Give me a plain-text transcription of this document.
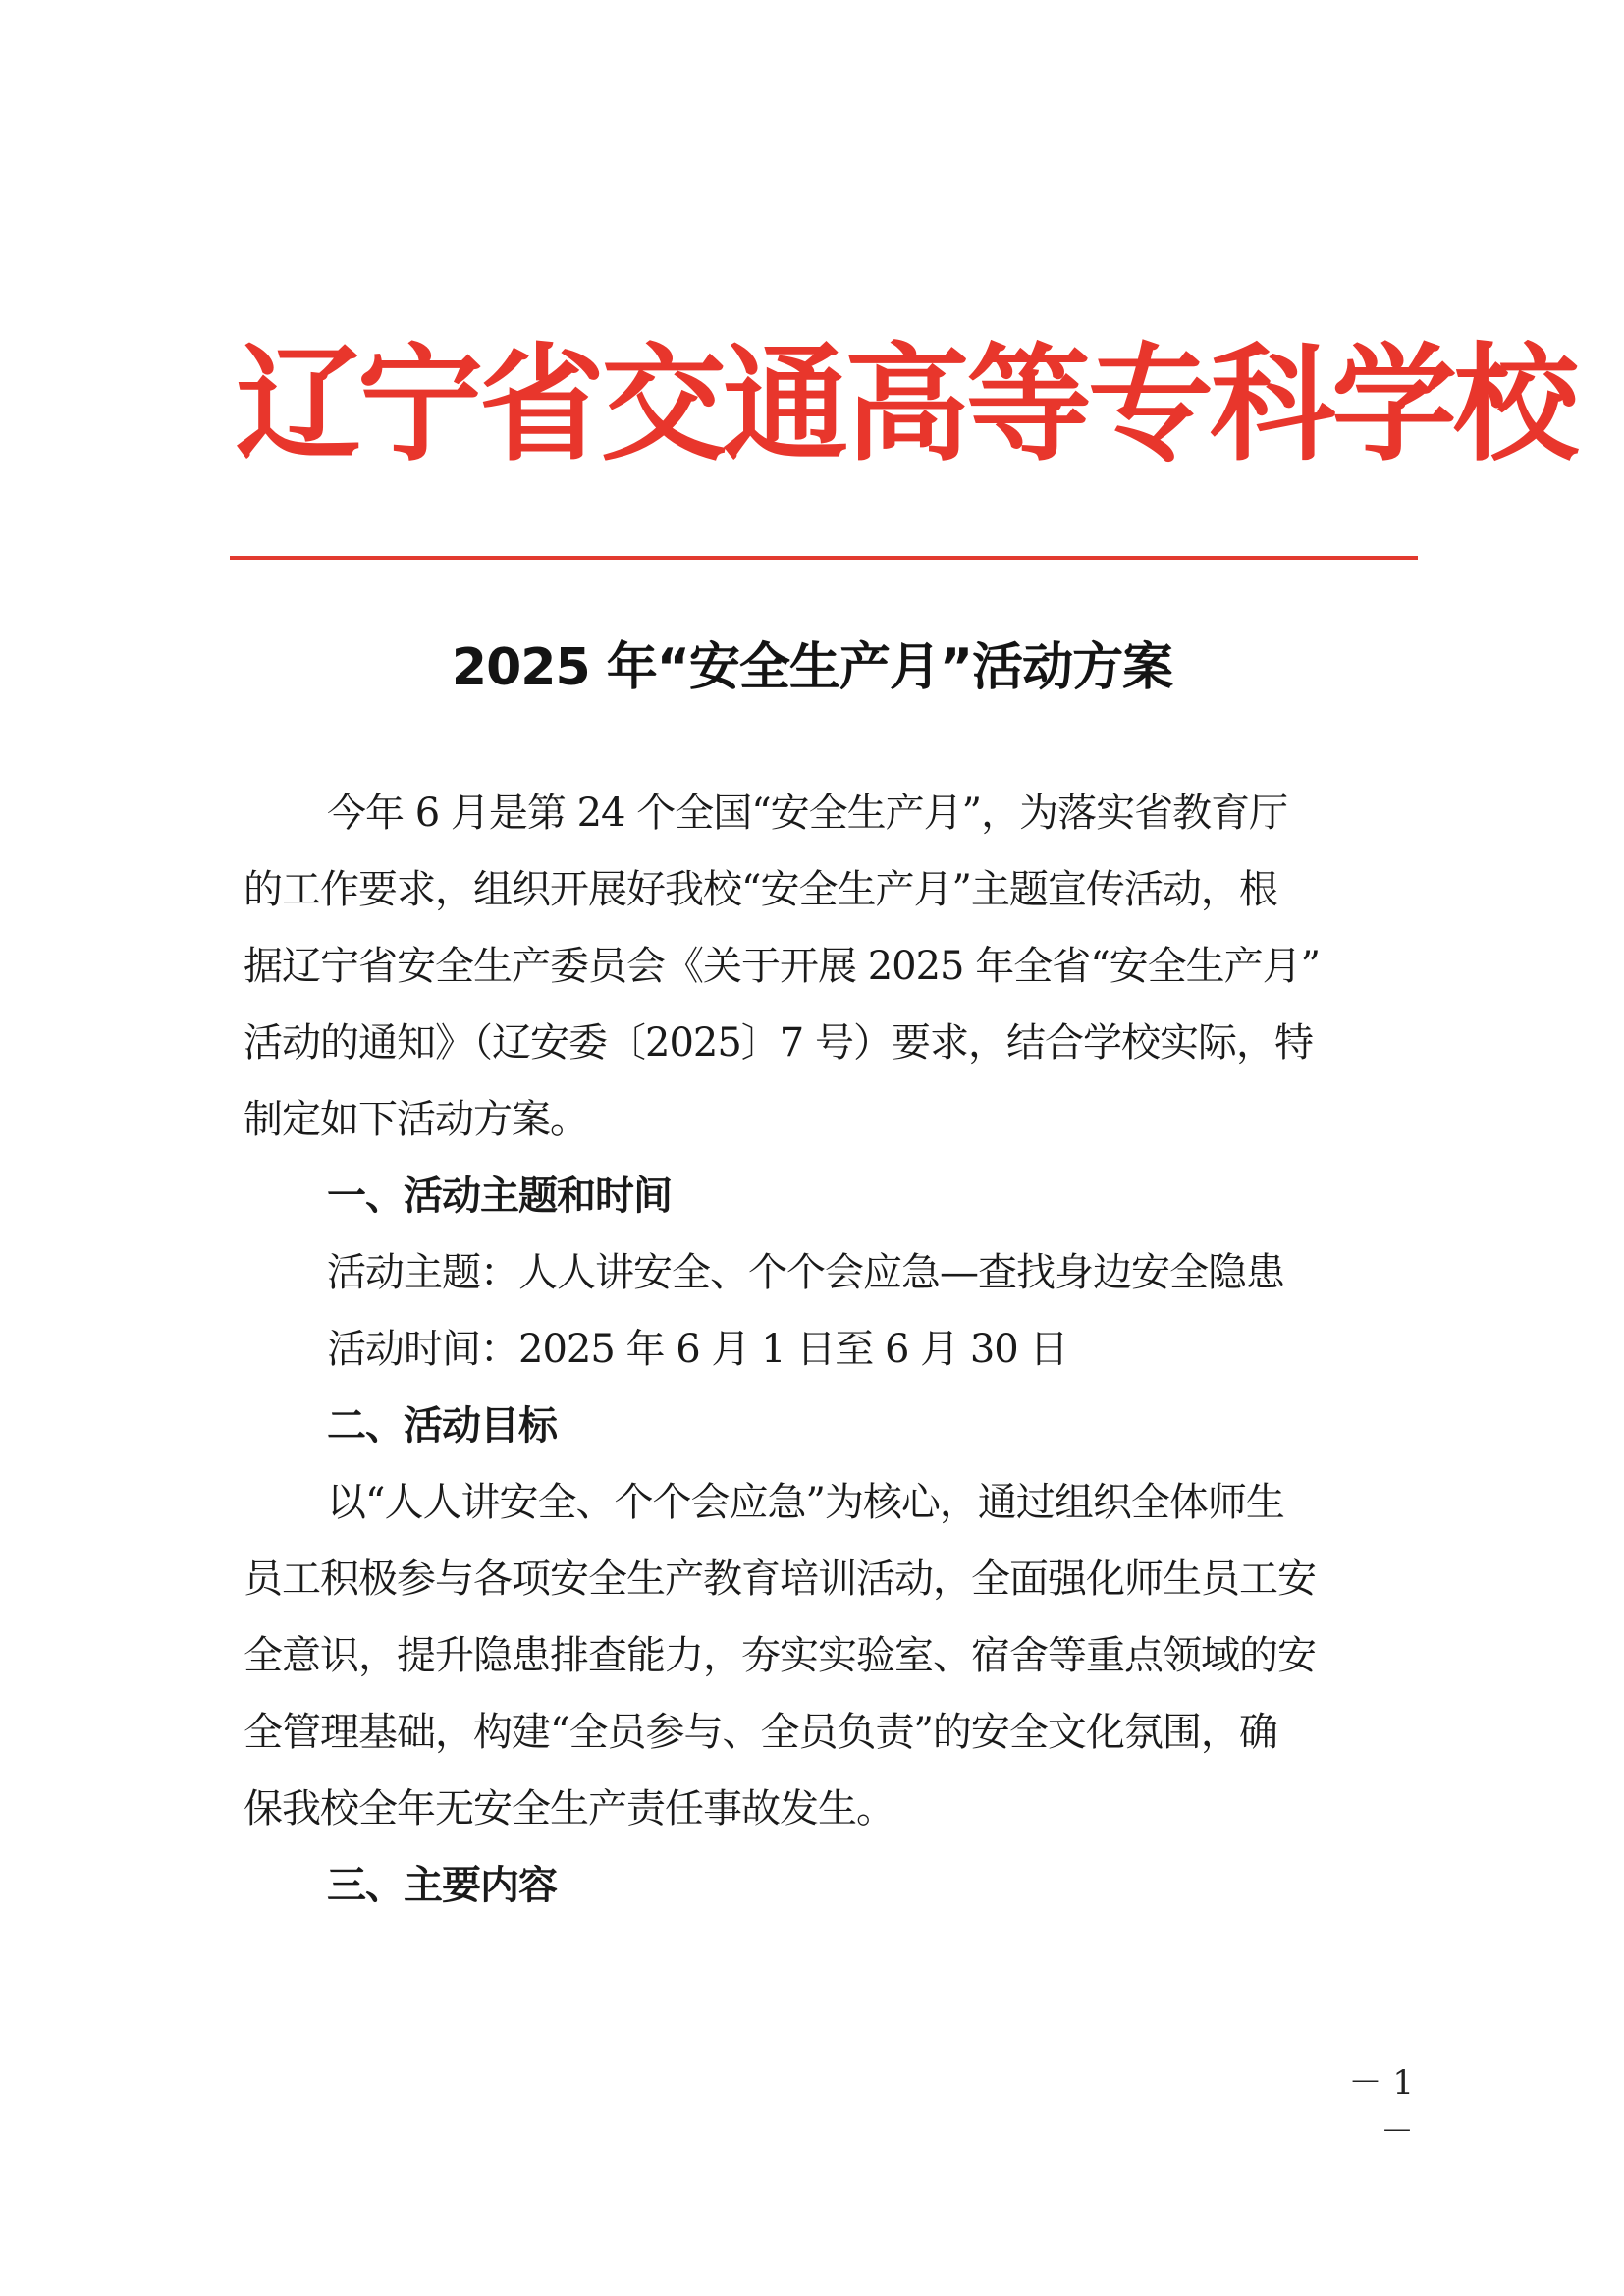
辽宁省交通高等专科学校
2025 年“安全生产月”活动方案
今年 6 月是第 24 个全国“安全生产月”，为落实省教育厅
的工作要求，组织开展好我校“安全生产月”主题宣传活动，根
据辽宁省安全生产委员会《关于开展 2025 年全省“安全生产月”
活动的通知》（辽安委〔2025〕7 号）要求，结合学校实际，特
制定如下活动方案。
一、活动主题和时间
活动主题：人人讲安全、个个会应急—查找身边安全隐患
活动时间：2025 年 6 月 1 日至 6 月 30 日
二、活动目标
以“人人讲安全、个个会应急”为核心，通过组织全体师生
员工积极参与各项安全生产教育培训活动，全面强化师生员工安
全意识，提升隐患排查能力，夯实实验室、宿舍等重点领域的安
全管理基础，构建“全员参与、全员负责”的安全文化氛围，确
保我校全年无安全生产责任事故发生。
三、主要内容
－ 1 －
